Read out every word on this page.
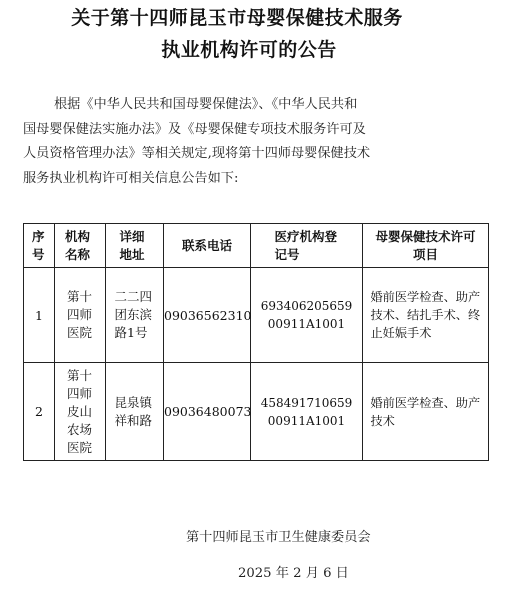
关于第十四师昆玉市母婴保健技术服务
执业机构许可的公告
根据《中华人民共和国母婴保健法》、《中华人民共和
国母婴保健法实施办法》及《母婴保健专项技术服务许可及
人员资格管理办法》等相关规定,现将第十四师母婴保健技术
服务执业机构许可相关信息公告如下:
序号	机构名称	详细地址	联系电话	医疗机构登记号	母婴保健技术许可项目
1	第十四师医院	二二四团东滨路1号	09036562310	69340620565900911A1001	婚前医学检查、助产技术、结扎手术、终止妊娠手术
2	第十四师皮山农场医院	昆泉镇祥和路	09036480073	45849171065900911A1001	婚前医学检查、助产技术
第十四师昆玉市卫生健康委员会
2025 年 2 月 6 日
